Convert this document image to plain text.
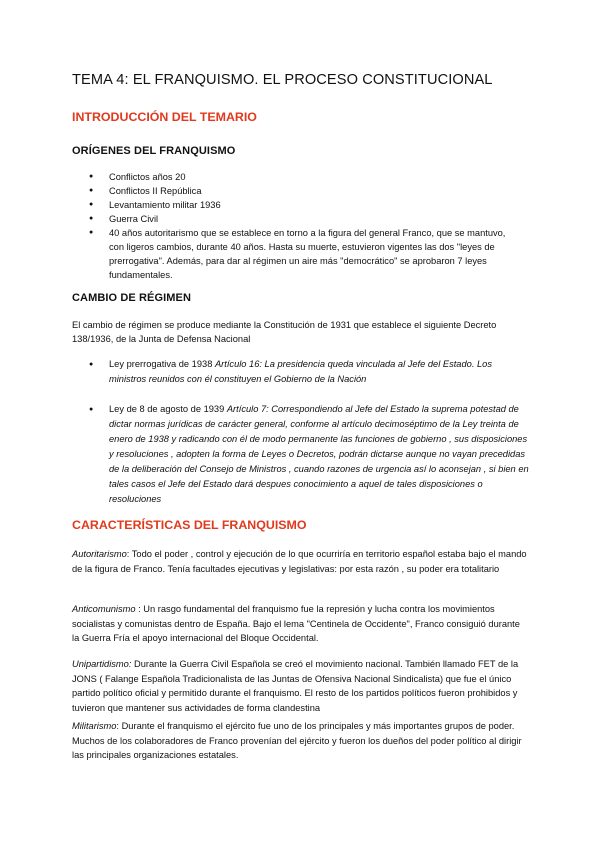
TEMA 4: EL FRANQUISMO. EL PROCESO CONSTITUCIONAL
INTRODUCCIÓN DEL TEMARIO
ORÍGENES DEL FRANQUISMO
● Conflictos años 20
● Conflictos II República
● Levantamiento militar 1936
● Guerra Civil
● 40 años autoritarismo que se establece en torno a la figura del general Franco, que se mantuvo, con ligeros cambios, durante 40 años. Hasta su muerte, estuvieron vigentes las dos "leyes de prerrogativa". Además, para dar al régimen un aire más "democrático" se aprobaron 7 leyes fundamentales.
CAMBIO DE RÉGIMEN
El cambio de régimen se produce mediante la Constitución de 1931 que establece el siguiente Decreto 138/1936, de la Junta de Defensa Nacional
● Ley prerrogativa de 1938 Artículo 16: La presidencia queda vinculada al Jefe del Estado. Los ministros reunidos con él constituyen el Gobierno de la Nación
● Ley de 8 de agosto de 1939 Artículo 7: Correspondiendo al Jefe del Estado la suprema potestad de dictar normas jurídicas de carácter general, conforme al artículo decimoséptimo de la Ley treinta de enero de 1938 y radicando con él de modo permanente las funciones de gobierno , sus disposiciones y resoluciones , adopten la forma de Leyes o Decretos, podrán dictarse aunque no vayan precedidas de la deliberación del Consejo de Ministros , cuando razones de urgencia así lo aconsejan , si bien en tales casos el Jefe del Estado dará despues conocimiento a aquel de tales disposiciones o resoluciones
CARACTERÍSTICAS DEL FRANQUISMO
Autoritarismo: Todo el poder , control y ejecución de lo que ocurriría en territorio español estaba bajo el mando de la figura de Franco. Tenía facultades ejecutivas y legislativas: por esta razón , su poder era totalitario
Anticomunismo : Un rasgo fundamental del franquismo fue la represión y lucha contra los movimientos socialistas y comunistas dentro de España. Bajo el lema "Centinela de Occidente", Franco consiguió durante la Guerra Fría el apoyo internacional del Bloque Occidental.
Unipartidismo: Durante la Guerra Civil Española se creó el movimiento nacional. También llamado FET de la JONS ( Falange Española Tradicionalista de las Juntas de Ofensiva Nacional Sindicalista) que fue el único partido político oficial y permitido durante el franquismo. El resto de los partidos políticos fueron prohibidos y tuvieron que mantener sus actividades de forma clandestina
Militarismo: Durante el franquismo el ejército fue uno de los principales y más importantes grupos de poder. Muchos de los colaboradores de Franco provenían del ejército y fueron los dueños del poder político al dirigir las principales organizaciones estatales.
